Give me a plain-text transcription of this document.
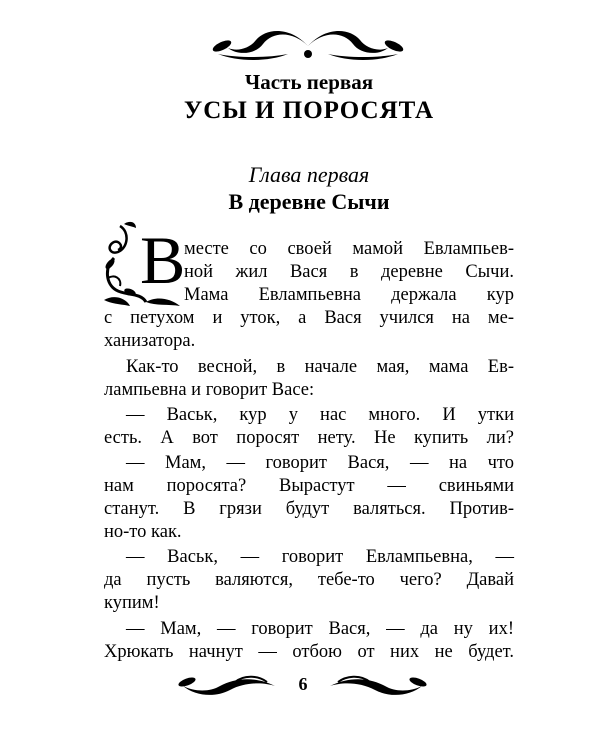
Часть первая
УСЫ И ПОРОСЯТА
Глава первая
В деревне Сычи
В
месте со своей мамой Евлампьев-
ной жил Вася в деревне Сычи.
Мама Евлампьевна держала кур
с петухом и уток, а Вася учился на ме-
ханизатора.
Как-то весной, в начале мая, мама Ев-
лампьевна и говорит Васе:
— Васьк, кур у нас много. И утки
есть. А вот поросят нету. Не купить ли?
— Мам, — говорит Вася, — на что
нам поросята? Вырастут — свиньями
станут. В грязи будут валяться. Против‑
но-то как.
— Васьк, — говорит Евлампьевна, —
да пусть валяются, тебе-то чего? Давай
купим!
— Мам, — говорит Вася, — да ну их!
Хрюкать начнут — отбою от них не будет.
6
